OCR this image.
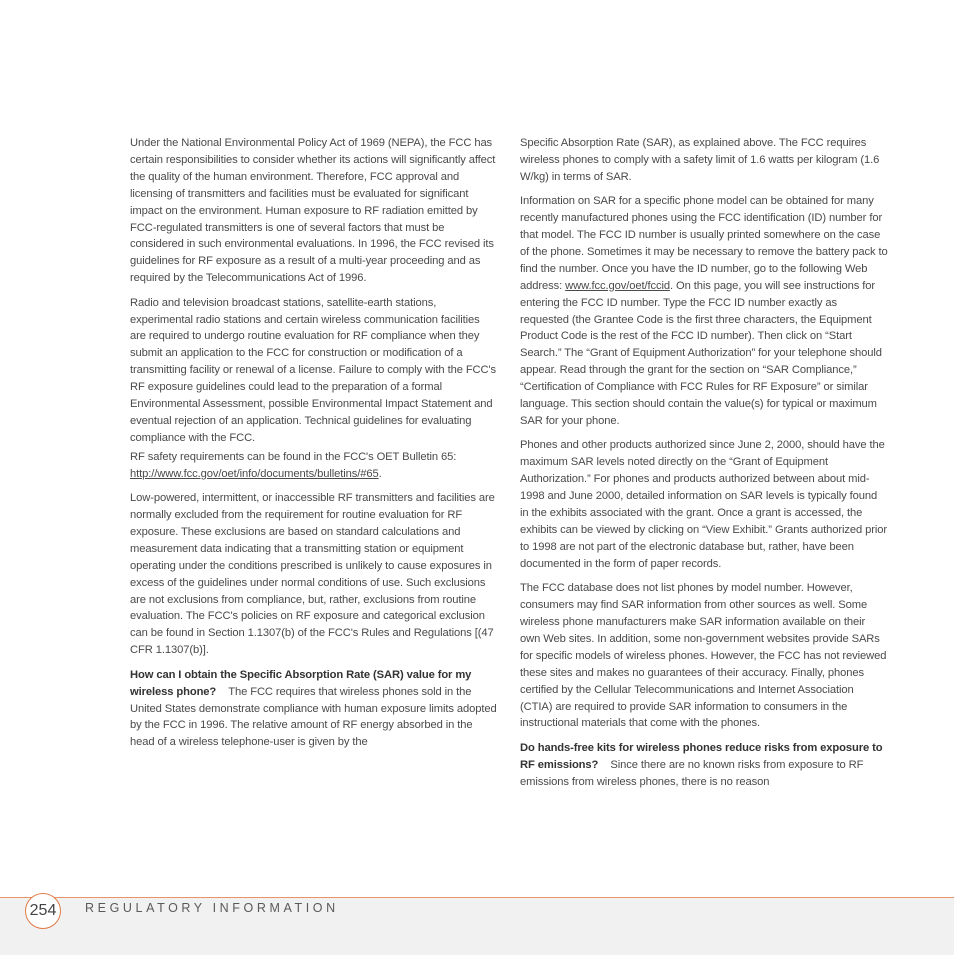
Under the National Environmental Policy Act of 1969 (NEPA), the FCC has certain responsibilities to consider whether its actions will significantly affect the quality of the human environment. Therefore, FCC approval and licensing of transmitters and facilities must be evaluated for significant impact on the environment. Human exposure to RF radiation emitted by FCC-regulated transmitters is one of several factors that must be considered in such environmental evaluations. In 1996, the FCC revised its guidelines for RF exposure as a result of a multi-year proceeding and as required by the Telecommunications Act of 1996.

Radio and television broadcast stations, satellite-earth stations, experimental radio stations and certain wireless communication facilities are required to undergo routine evaluation for RF compliance when they submit an application to the FCC for construction or modification of a transmitting facility or renewal of a license. Failure to comply with the FCC's RF exposure guidelines could lead to the preparation of a formal Environmental Assessment, possible Environmental Impact Statement and eventual rejection of an application. Technical guidelines for evaluating compliance with the FCC.

RF safety requirements can be found in the FCC's OET Bulletin 65: http://www.fcc.gov/oet/info/documents/bulletins/#65.

Low-powered, intermittent, or inaccessible RF transmitters and facilities are normally excluded from the requirement for routine evaluation for RF exposure. These exclusions are based on standard calculations and measurement data indicating that a transmitting station or equipment operating under the conditions prescribed is unlikely to cause exposures in excess of the guidelines under normal conditions of use. Such exclusions are not exclusions from compliance, but, rather, exclusions from routine evaluation. The FCC's policies on RF exposure and categorical exclusion can be found in Section 1.1307(b) of the FCC's Rules and Regulations [(47 CFR 1.1307(b)].

How can I obtain the Specific Absorption Rate (SAR) value for my wireless phone? The FCC requires that wireless phones sold in the United States demonstrate compliance with human exposure limits adopted by the FCC in 1996. The relative amount of RF energy absorbed in the head of a wireless telephone-user is given by the

Specific Absorption Rate (SAR), as explained above. The FCC requires wireless phones to comply with a safety limit of 1.6 watts per kilogram (1.6 W/kg) in terms of SAR.

Information on SAR for a specific phone model can be obtained for many recently manufactured phones using the FCC identification (ID) number for that model. The FCC ID number is usually printed somewhere on the case of the phone. Sometimes it may be necessary to remove the battery pack to find the number. Once you have the ID number, go to the following Web address: www.fcc.gov/oet/fccid. On this page, you will see instructions for entering the FCC ID number. Type the FCC ID number exactly as requested (the Grantee Code is the first three characters, the Equipment Product Code is the rest of the FCC ID number). Then click on “Start Search.” The “Grant of Equipment Authorization” for your telephone should appear. Read through the grant for the section on “SAR Compliance,” “Certification of Compliance with FCC Rules for RF Exposure” or similar language. This section should contain the value(s) for typical or maximum SAR for your phone.

Phones and other products authorized since June 2, 2000, should have the maximum SAR levels noted directly on the “Grant of Equipment Authorization.” For phones and products authorized between about mid-1998 and June 2000, detailed information on SAR levels is typically found in the exhibits associated with the grant. Once a grant is accessed, the exhibits can be viewed by clicking on “View Exhibit.” Grants authorized prior to 1998 are not part of the electronic database but, rather, have been documented in the form of paper records.

The FCC database does not list phones by model number. However, consumers may find SAR information from other sources as well. Some wireless phone manufacturers make SAR information available on their own Web sites. In addition, some non-government websites provide SARs for specific models of wireless phones. However, the FCC has not reviewed these sites and makes no guarantees of their accuracy. Finally, phones certified by the Cellular Telecommunications and Internet Association (CTIA) are required to provide SAR information to consumers in the instructional materials that come with the phones.

Do hands-free kits for wireless phones reduce risks from exposure to RF emissions? Since there are no known risks from exposure to RF emissions from wireless phones, there is no reason

254	REGULATORY INFORMATION
